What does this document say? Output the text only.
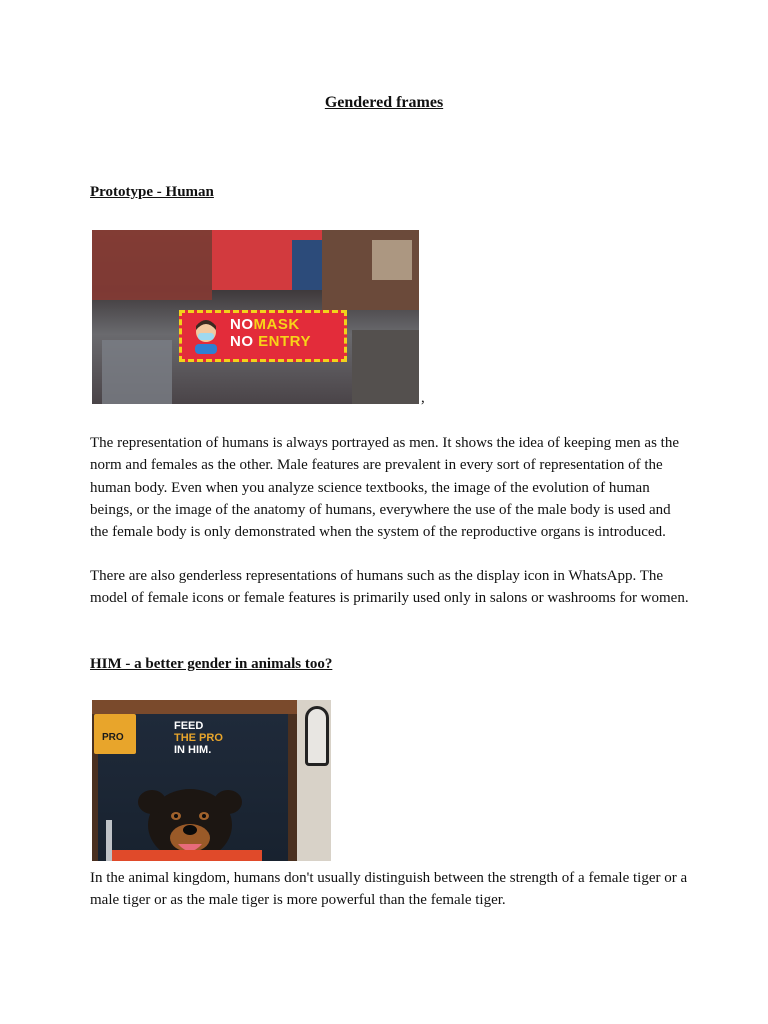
Gendered frames
Prototype - Human
NOMASK
NO ENTRY
,

The representation of humans is always portrayed as men. It shows the idea of keeping men as the norm and females as the other. Male features are prevalent in every sort of representation of the human body. Even when you analyze science textbooks, the image of the evolution of human beings, or the image of the anatomy of humans, everywhere the use of the male body is used and the female body is only demonstrated when the system of the reproductive organs is introduced.

There are also genderless representations of humans such as the display icon in WhatsApp. The model of female icons or female features is primarily used only in salons or washrooms for women.

HIM - a better gender in animals too?
PRO
FEED
THE PRO
IN HIM.

In the animal kingdom, humans don't usually distinguish between the strength of a female tiger or a male tiger or as the male tiger is more powerful than the female tiger.
